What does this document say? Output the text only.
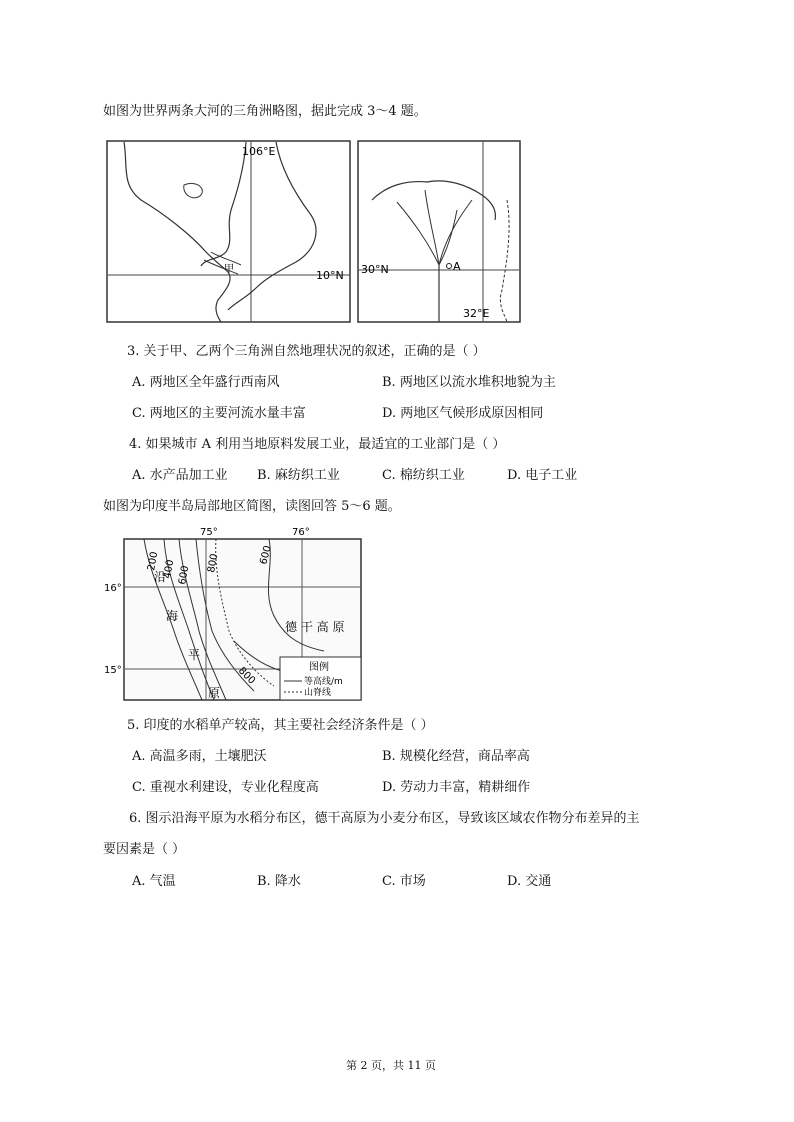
如图为世界两条大河的三角洲略图，据此完成 3～4 题。
106°E
10°N
甲	A
30°N
32°E
3. 关于甲、乙两个三角洲自然地理状况的叙述，正确的是（ ）
A. 两地区全年盛行西南风	B. 两地区以流水堆积地貌为主
C. 两地区的主要河流水量丰富	D. 两地区气候形成原因相同
4. 如果城市 A 利用当地原料发展工业，最适宜的工业部门是（ ）
A. 水产品加工业 B. 麻纺织工业	C. 棉纺织工业	D. 电子工业
如图为印度半岛局部地区简图，读图回答 5～6 题。
75°	76°
16°
15°
200 400 600
800	600
800
沿
海
平
原
德 干 高 原
图例
等高线/m
山脊线
5. 印度的水稻单产较高，其主要社会经济条件是（ ）
A. 高温多雨，土壤肥沃	B. 规模化经营，商品率高
C. 重视水利建设，专业化程度高	D. 劳动力丰富，精耕细作
6. 图示沿海平原为水稻分布区，德干高原为小麦分布区，导致该区域农作物分布差异的主
要因素是（ ）
A. 气温	B. 降水	C. 市场	D. 交通
第 2 页，共 11 页
